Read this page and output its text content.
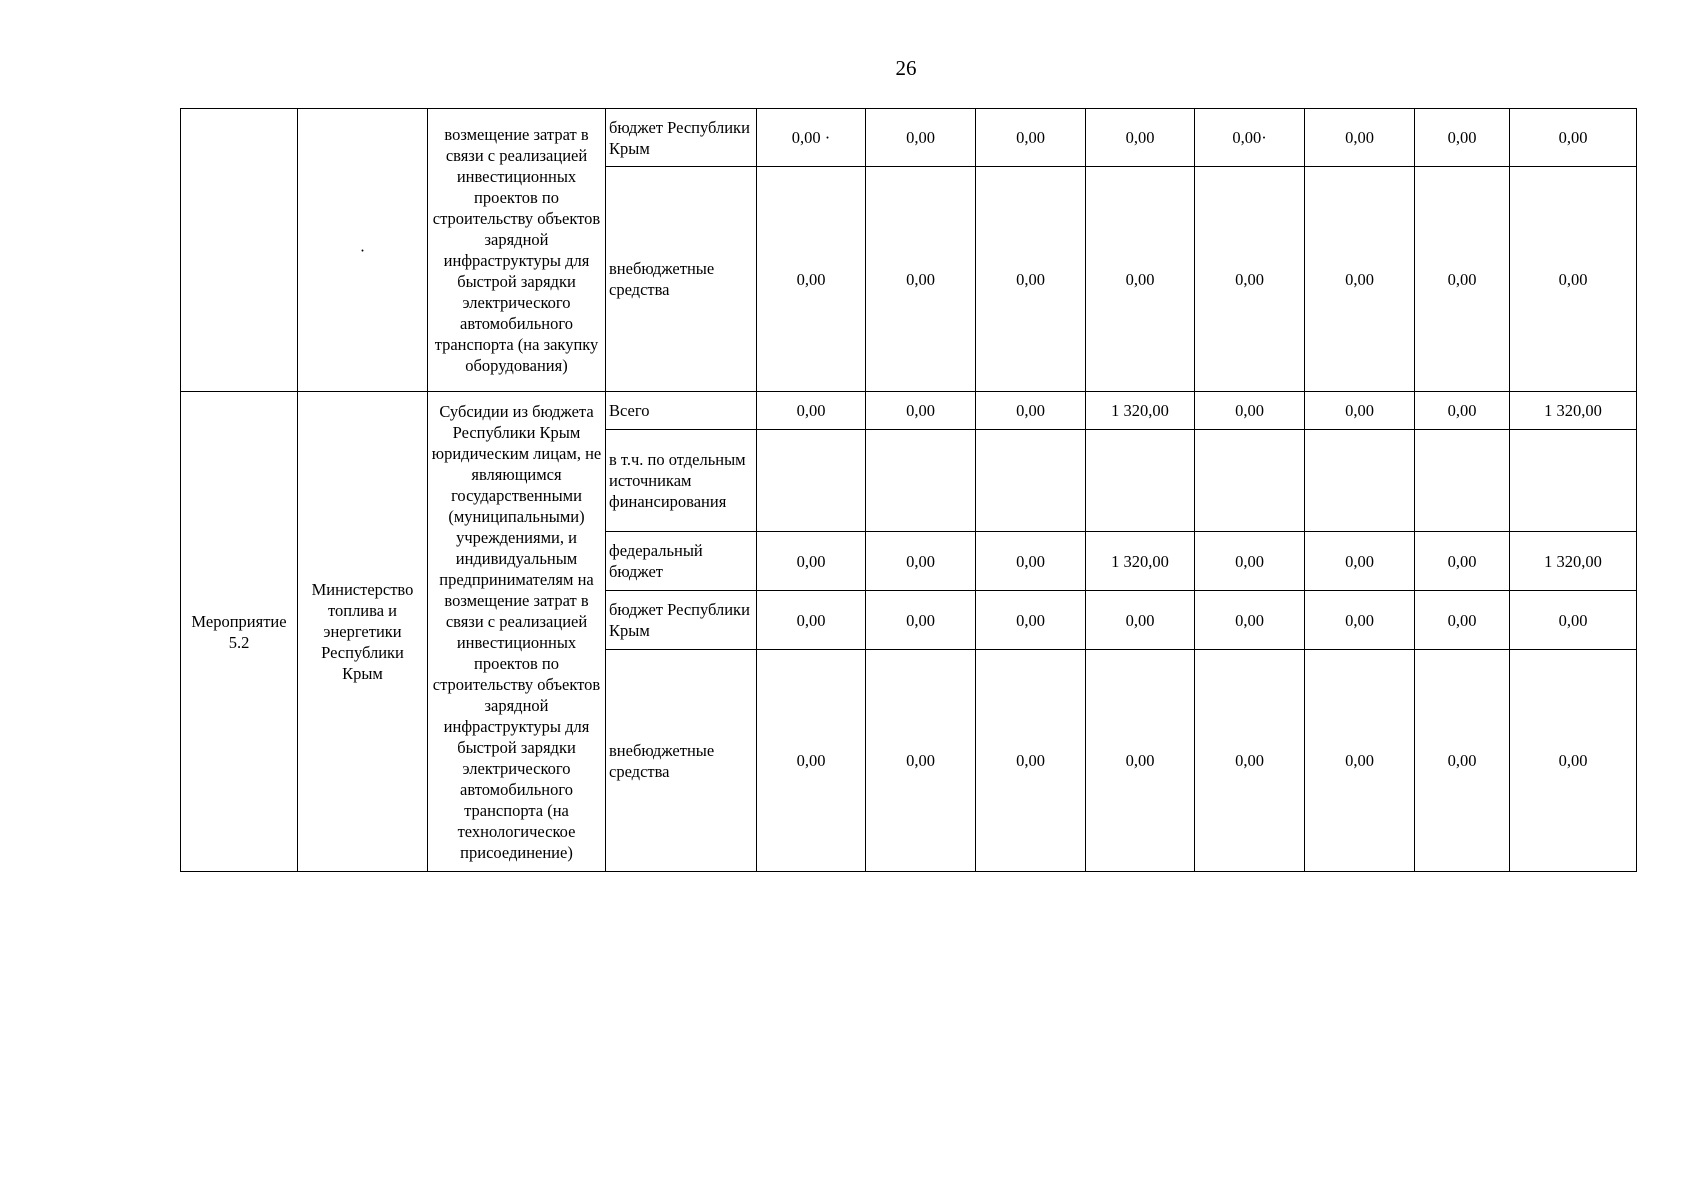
26
	·	возмещение затрат в связи с реализацией инвестиционных проектов по строительству объектов зарядной инфраструктуры для быстрой зарядки электрического автомобильного транспорта (на закупку оборудования)	бюджет Республики Крым	0,00 ·	0,00	0,00	0,00	0,00·	0,00	0,00	0,00
			внебюджетные средства	0,00	0,00	0,00	0,00	0,00	0,00	0,00	0,00
Мероприятие 5.2	Министерство топлива и энергетики Республики Крым	Субсидии из бюджета Республики Крым юридическим лицам, не являющимся государственными (муниципальными) учреждениями, и индивидуальным предпринимателям на возмещение затрат в связи с реализацией инвестиционных проектов по строительству объектов зарядной инфраструктуры для быстрой зарядки электрического автомобильного транспорта (на технологическое присоединение)	Всего	0,00	0,00	0,00	1 320,00	0,00	0,00	0,00	1 320,00
			в т.ч. по отдельным источникам финансирования								
			федеральный бюджет	0,00	0,00	0,00	1 320,00	0,00	0,00	0,00	1 320,00
			бюджет Республики Крым	0,00	0,00	0,00	0,00	0,00	0,00	0,00	0,00
			внебюджетные средства	0,00	0,00	0,00	0,00	0,00	0,00	0,00	0,00
